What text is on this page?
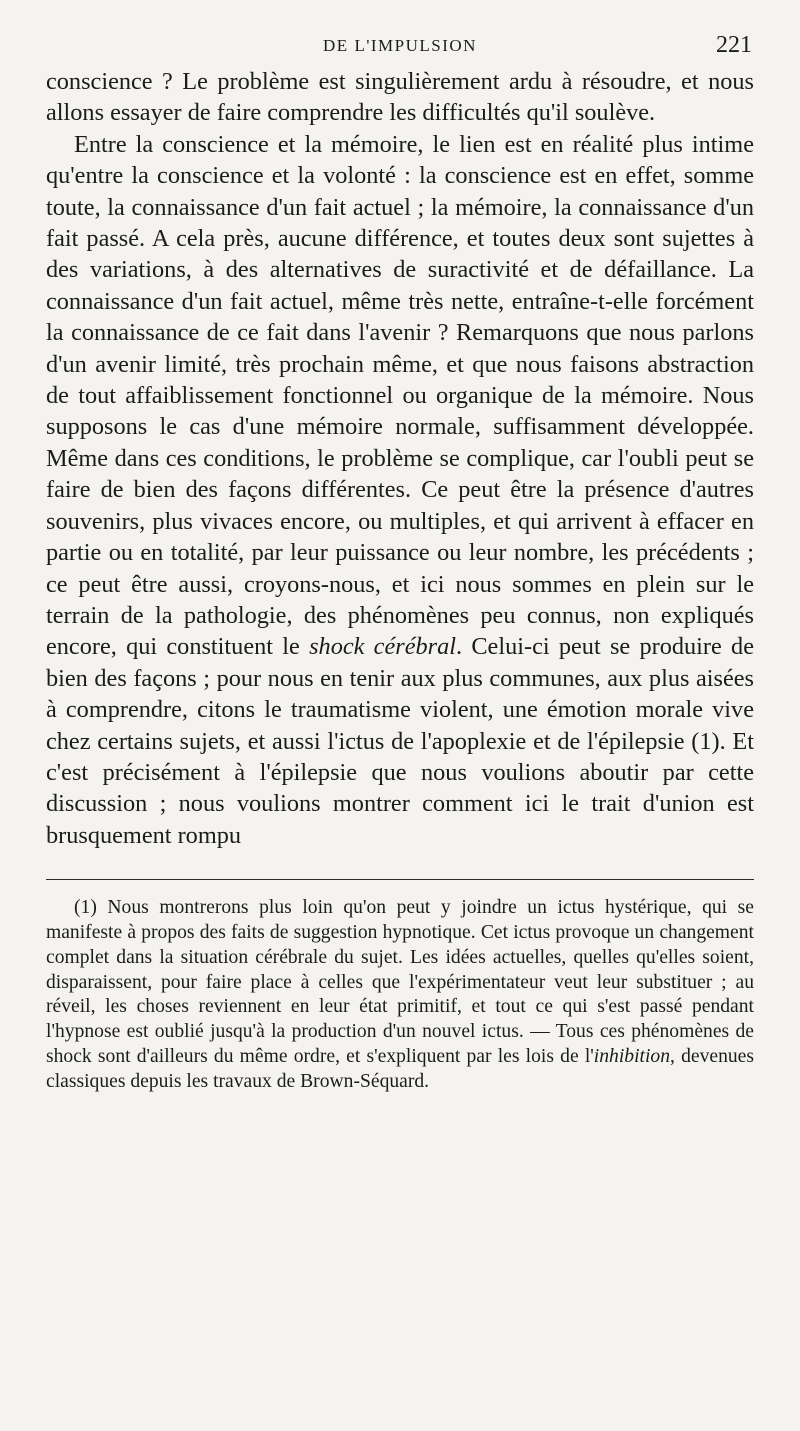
DE L'IMPULSION	221

conscience ? Le problème est singulièrement ardu à résoudre, et nous allons essayer de faire comprendre les difficultés qu'il soulève.

Entre la conscience et la mémoire, le lien est en réalité plus intime qu'entre la conscience et la volonté : la conscience est en effet, somme toute, la connaissance d'un fait actuel ; la mémoire, la connaissance d'un fait passé. A cela près, aucune différence, et toutes deux sont sujettes à des variations, à des alternatives de suractivité et de défaillance. La connaissance d'un fait actuel, même très nette, entraîne-t-elle forcément la connaissance de ce fait dans l'avenir ? Remarquons que nous parlons d'un avenir limité, très prochain même, et que nous faisons abstraction de tout affaiblissement fonctionnel ou organique de la mémoire. Nous supposons le cas d'une mémoire normale, suffisamment développée. Même dans ces conditions, le problème se complique, car l'oubli peut se faire de bien des façons différentes. Ce peut être la présence d'autres souvenirs, plus vivaces encore, ou multiples, et qui arrivent à effacer en partie ou en totalité, par leur puissance ou leur nombre, les précédents ; ce peut être aussi, croyons-nous, et ici nous sommes en plein sur le terrain de la pathologie, des phénomènes peu connus, non expliqués encore, qui constituent le shock cérébral. Celui-ci peut se produire de bien des façons ; pour nous en tenir aux plus communes, aux plus aisées à comprendre, citons le traumatisme violent, une émotion morale vive chez certains sujets, et aussi l'ictus de l'apoplexie et de l'épilepsie (1). Et c'est précisément à l'épilepsie que nous voulions aboutir par cette discussion ; nous voulions montrer comment ici le trait d'union est brusquement rompu

(1) Nous montrerons plus loin qu'on peut y joindre un ictus hystérique, qui se manifeste à propos des faits de suggestion hypnotique. Cet ictus provoque un changement complet dans la situation cérébrale du sujet. Les idées actuelles, quelles qu'elles soient, disparaissent, pour faire place à celles que l'expérimentateur veut leur substituer ; au réveil, les choses reviennent en leur état primitif, et tout ce qui s'est passé pendant l'hypnose est oublié jusqu'à la production d'un nouvel ictus. — Tous ces phénomènes de shock sont d'ailleurs du même ordre, et s'expliquent par les lois de l'inhibition, devenues classiques depuis les travaux de Brown-Séquard.
